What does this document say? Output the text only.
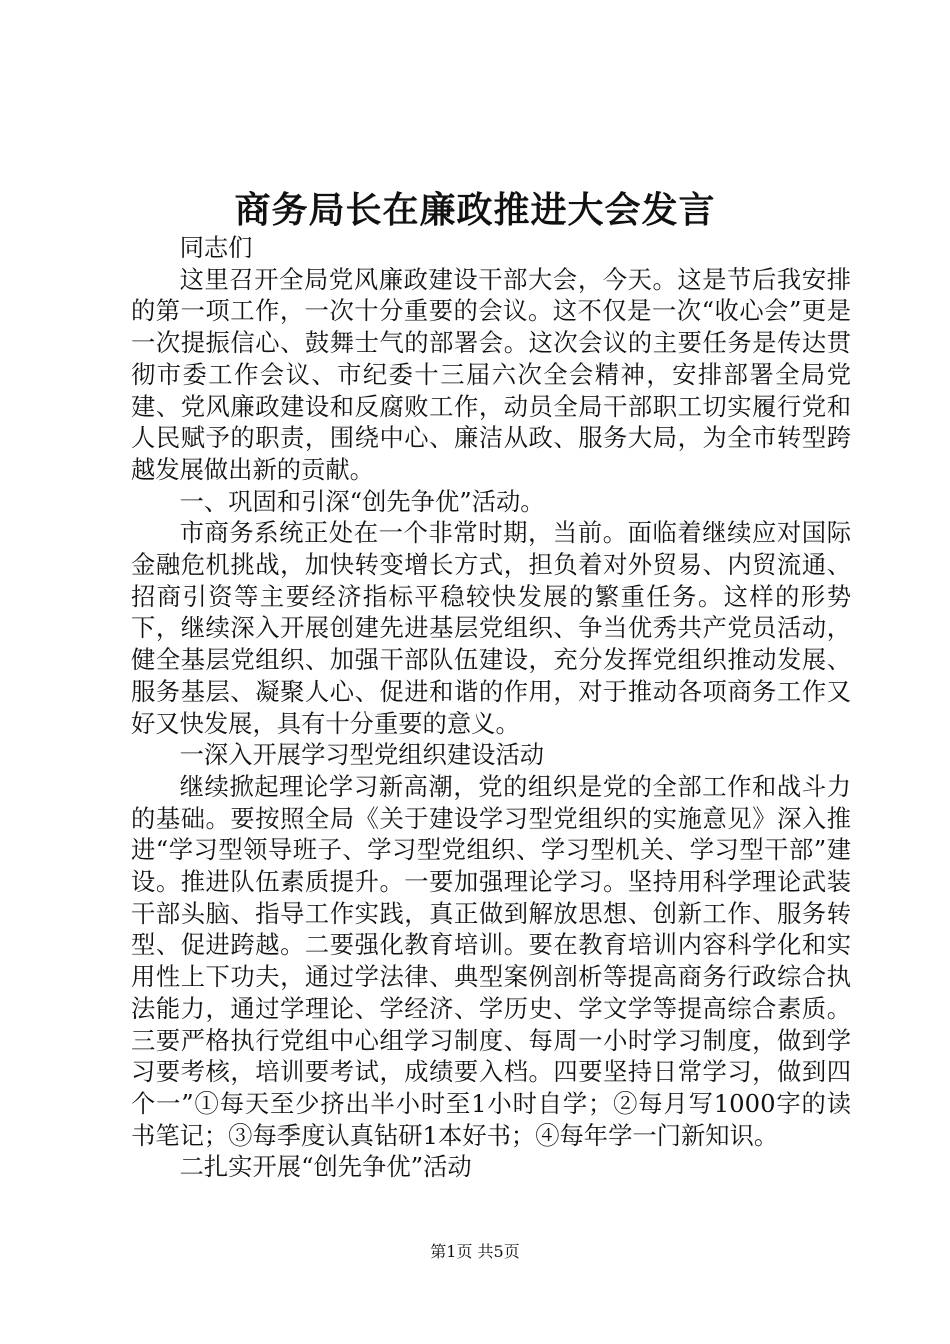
商务局长在廉政推进大会发言

同志们

这里召开全局党风廉政建设干部大会，今天。这是节后我安排的第一项工作，一次十分重要的会议。这不仅是一次“收心会”更是一次提振信心、鼓舞士气的部署会。这次会议的主要任务是传达贯彻市委工作会议、市纪委十三届六次全会精神，安排部署全局党建、党风廉政建设和反腐败工作，动员全局干部职工切实履行党和人民赋予的职责，围绕中心、廉洁从政、服务大局，为全市转型跨越发展做出新的贡献。

一、巩固和引深“创先争优”活动。

市商务系统正处在一个非常时期，当前。面临着继续应对国际金融危机挑战，加快转变增长方式，担负着对外贸易、内贸流通、招商引资等主要经济指标平稳较快发展的繁重任务。这样的形势下，继续深入开展创建先进基层党组织、争当优秀共产党员活动，健全基层党组织、加强干部队伍建设，充分发挥党组织推动发展、服务基层、凝聚人心、促进和谐的作用，对于推动各项商务工作又好又快发展，具有十分重要的意义。

一深入开展学习型党组织建设活动

继续掀起理论学习新高潮，党的组织是党的全部工作和战斗力的基础。要按照全局《关于建设学习型党组织的实施意见》深入推进“学习型领导班子、学习型党组织、学习型机关、学习型干部”建设。推进队伍素质提升。一要加强理论学习。坚持用科学理论武装干部头脑、指导工作实践，真正做到解放思想、创新工作、服务转型、促进跨越。二要强化教育培训。要在教育培训内容科学化和实用性上下功夫，通过学法律、典型案例剖析等提高商务行政综合执法能力，通过学理论、学经济、学历史、学文学等提高综合素质。三要严格执行党组中心组学习制度、每周一小时学习制度，做到学习要考核，培训要考试，成绩要入档。四要坚持日常学习，做到四个一”①每天至少挤出半小时至1小时自学；②每月写1000字的读书笔记；③每季度认真钻研1本好书；④每年学一门新知识。

二扎实开展“创先争优”活动

第1页 共5页
